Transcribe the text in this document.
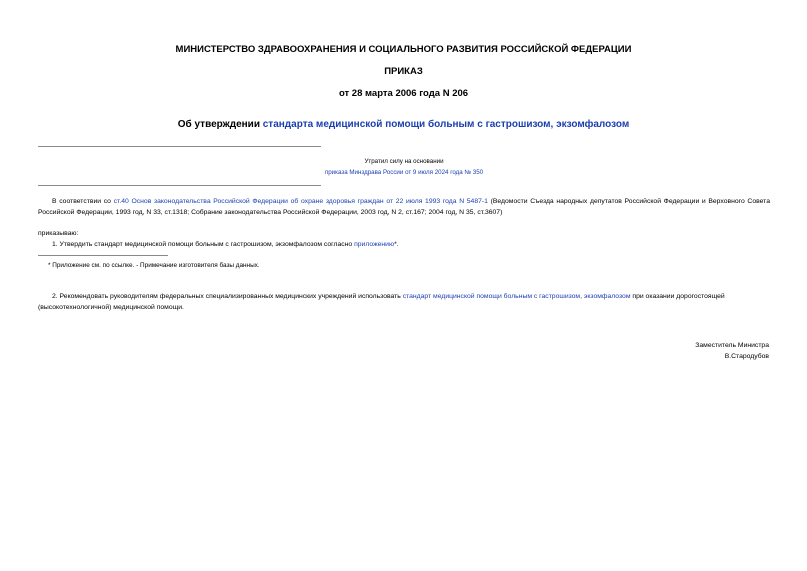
МИНИСТЕРСТВО ЗДРАВООХРАНЕНИЯ И СОЦИАЛЬНОГО РАЗВИТИЯ РОССИЙСКОЙ ФЕДЕРАЦИИ
ПРИКАЗ
от 28 марта 2006 года N 206
Об утверждении стандарта медицинской помощи больным с гастрошизом, экзомфалозом
Утратил силу на основании
приказа Минздрава России от 9 июля 2024 года № 350
В соответствии со ст.40 Основ законодательства Российской Федерации об охране здоровья граждан от 22 июля 1993 года N 5487-1 (Ведомости Съезда народных депутатов Российской Федерации и Верховного Совета Российской Федерации, 1993 год, N 33, ст.1318; Собрание законодательства Российской Федерации, 2003 год, N 2, ст.167; 2004 год, N 35, ст.3607)
приказываю:
1. Утвердить стандарт медицинской помощи больным с гастрошизом, экзомфалозом согласно приложению*.
* Приложение см. по ссылке. - Примечание изготовителя базы данных.
2. Рекомендовать руководителям федеральных специализированных медицинских учреждений использовать стандарт медицинской помощи больным с гастрошизом, экзомфалозом при оказании дорогостоящей (высокотехнологичной) медицинской помощи.
Заместитель Министра
В.Стародубов
